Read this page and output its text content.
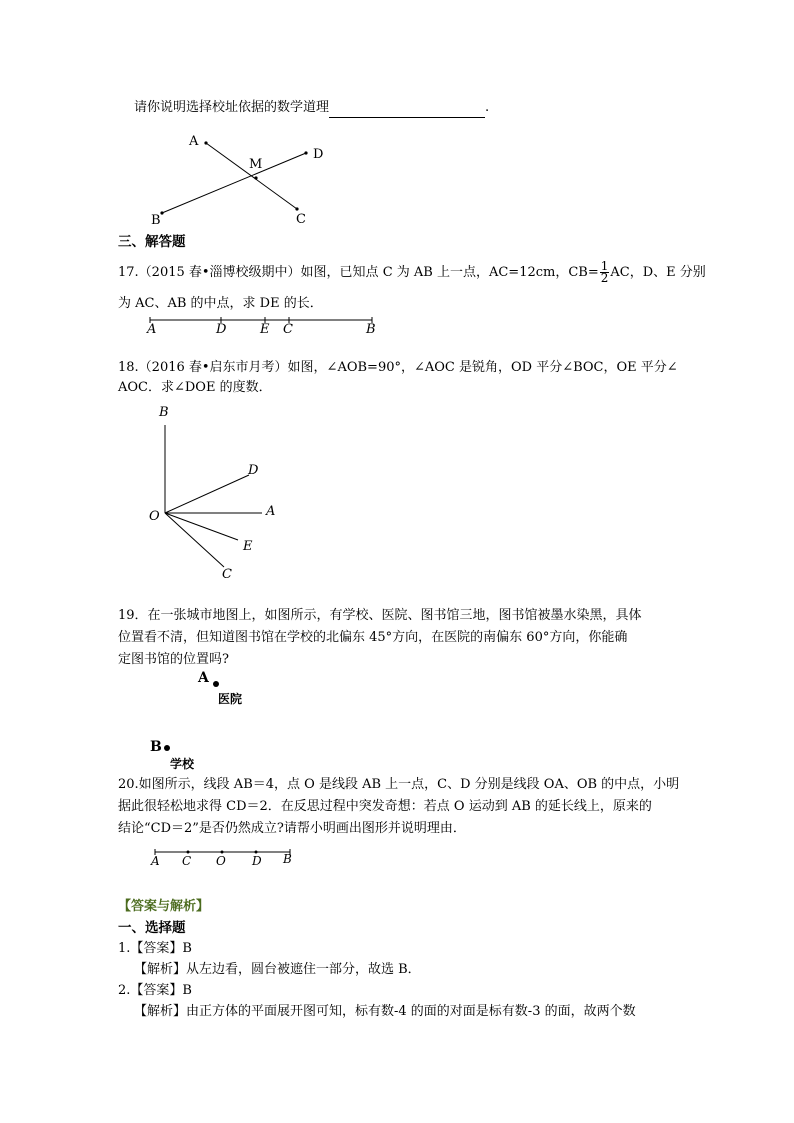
请你说明选择校址依据的数学道理	.
A
M
D
B	C
三、解答题
17.（2015 春•淄博校级期中）如图，已知点 C 为 AB 上一点，AC=12cm，$CB= \frac{1}{2}$ AC，D、E 分别
为 AC、AB 的中点，求 DE 的长．
A	D	E C	B
18.（2016 春•启东市月考）如图，∠AOB=90°，∠AOC 是锐角，OD 平分∠BOC，OE 平分∠
AOC．求∠DOE 的度数．
B
D
O	A
E
C
19．在一张城市地图上，如图所示，有学校、医院、图书馆三地，图书馆被墨水染黑，具体
位置看不清，但知道图书馆在学校的北偏东 45°方向，在医院的南偏东 60°方向，你能确
定图书馆的位置吗?
A
医院
B
学校
20.如图所示，线段 AB＝4，点 O 是线段 AB 上一点，C、D 分别是线段 OA、OB 的中点，小明
据此很轻松地求得 CD＝2．在反思过程中突发奇想：若点 O 运动到 AB 的延长线上，原来的
结论“CD＝2”是否仍然成立?请帮小明画出图形并说明理由．
A C O D B
【答案与解析】
一、选择题
1.【答案】B
【解析】从左边看，圆台被遮住一部分，故选 B．
2.【答案】B
【解析】由正方体的平面展开图可知，标有数-4 的面的对面是标有数-3 的面，故两个数
